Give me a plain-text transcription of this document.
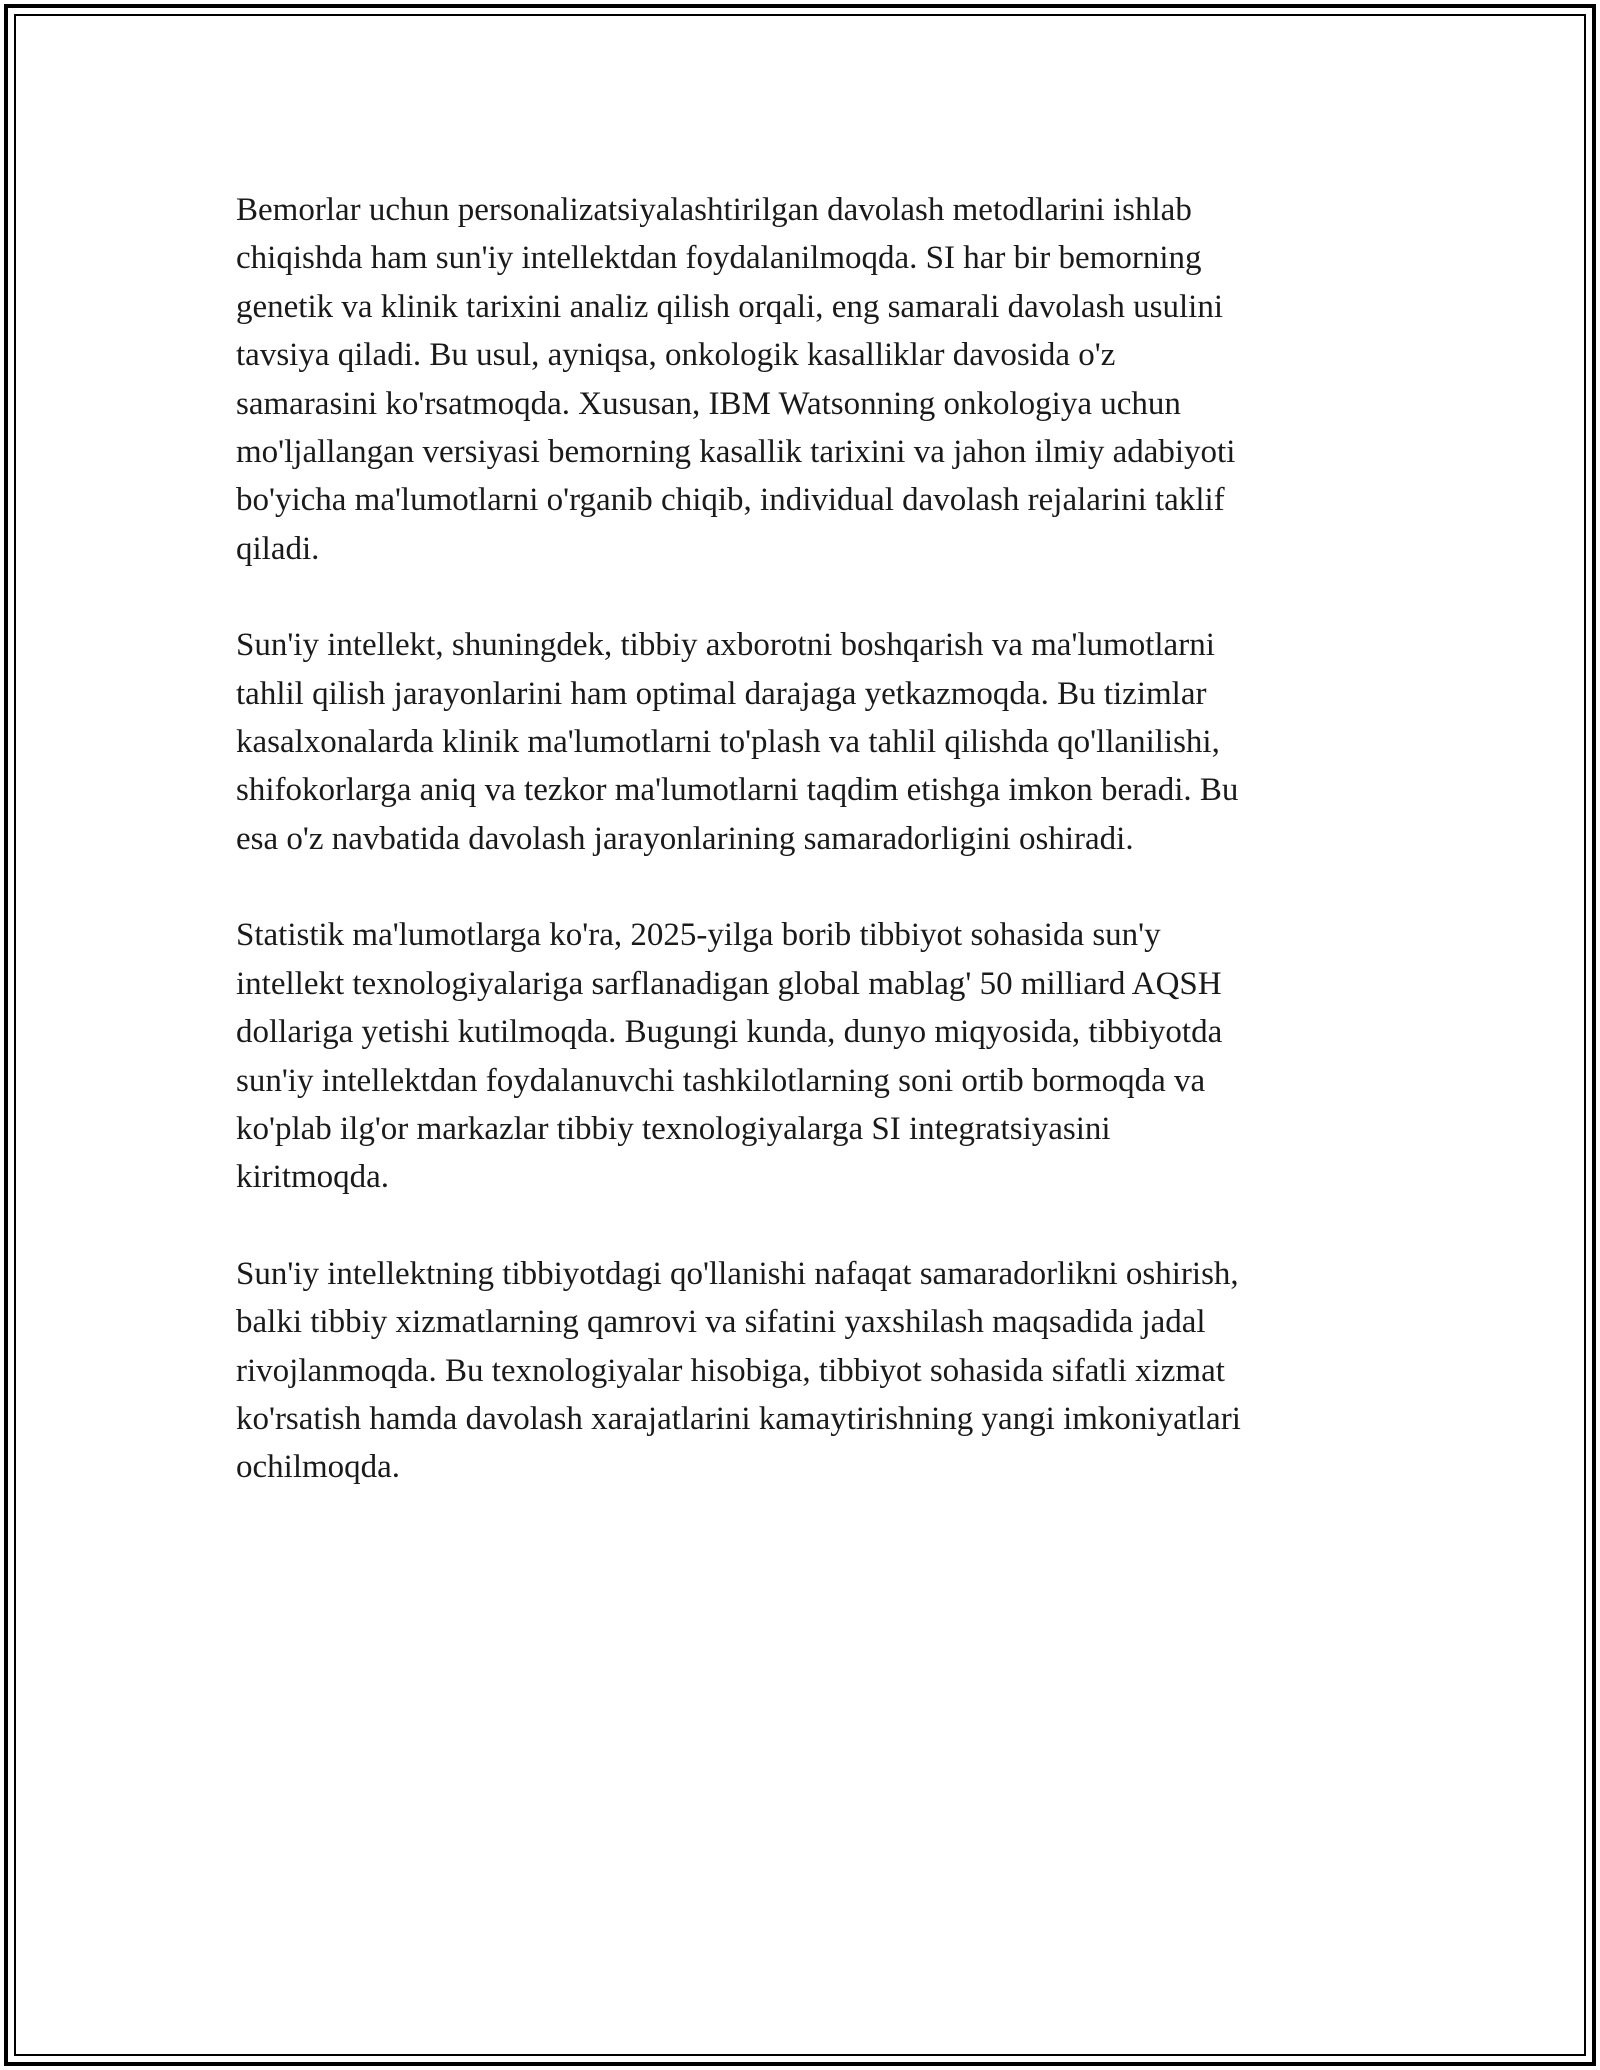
Bemorlar uchun personalizatsiyalashtirilgan davolash metodlarini ishlab
chiqishda ham sun'iy intellektdan foydalanilmoqda. SI har bir bemorning
genetik va klinik tarixini analiz qilish orqali, eng samarali davolash usulini
tavsiya qiladi. Bu usul, ayniqsa, onkologik kasalliklar davosida o'z
samarasini ko'rsatmoqda. Xususan, IBM Watsonning onkologiya uchun
mo'ljallangan versiyasi bemorning kasallik tarixini va jahon ilmiy adabiyoti
bo'yicha ma'lumotlarni o'rganib chiqib, individual davolash rejalarini taklif
qiladi.

Sun'iy intellekt, shuningdek, tibbiy axborotni boshqarish va ma'lumotlarni
tahlil qilish jarayonlarini ham optimal darajaga yetkazmoqda. Bu tizimlar
kasalxonalarda klinik ma'lumotlarni to'plash va tahlil qilishda qo'llanilishi,
shifokorlarga aniq va tezkor ma'lumotlarni taqdim etishga imkon beradi. Bu
esa o'z navbatida davolash jarayonlarining samaradorligini oshiradi.

Statistik ma'lumotlarga ko'ra, 2025-yilga borib tibbiyot sohasida sun'y
intellekt texnologiyalariga sarflanadigan global mablag' 50 milliard AQSH
dollariga yetishi kutilmoqda. Bugungi kunda, dunyo miqyosida, tibbiyotda
sun'iy intellektdan foydalanuvchi tashkilotlarning soni ortib bormoqda va
ko'plab ilg'or markazlar tibbiy texnologiyalarga SI integratsiyasini
kiritmoqda.

Sun'iy intellektning tibbiyotdagi qo'llanishi nafaqat samaradorlikni oshirish,
balki tibbiy xizmatlarning qamrovi va sifatini yaxshilash maqsadida jadal
rivojlanmoqda. Bu texnologiyalar hisobiga, tibbiyot sohasida sifatli xizmat
ko'rsatish hamda davolash xarajatlarini kamaytirishning yangi imkoniyatlari
ochilmoqda.
